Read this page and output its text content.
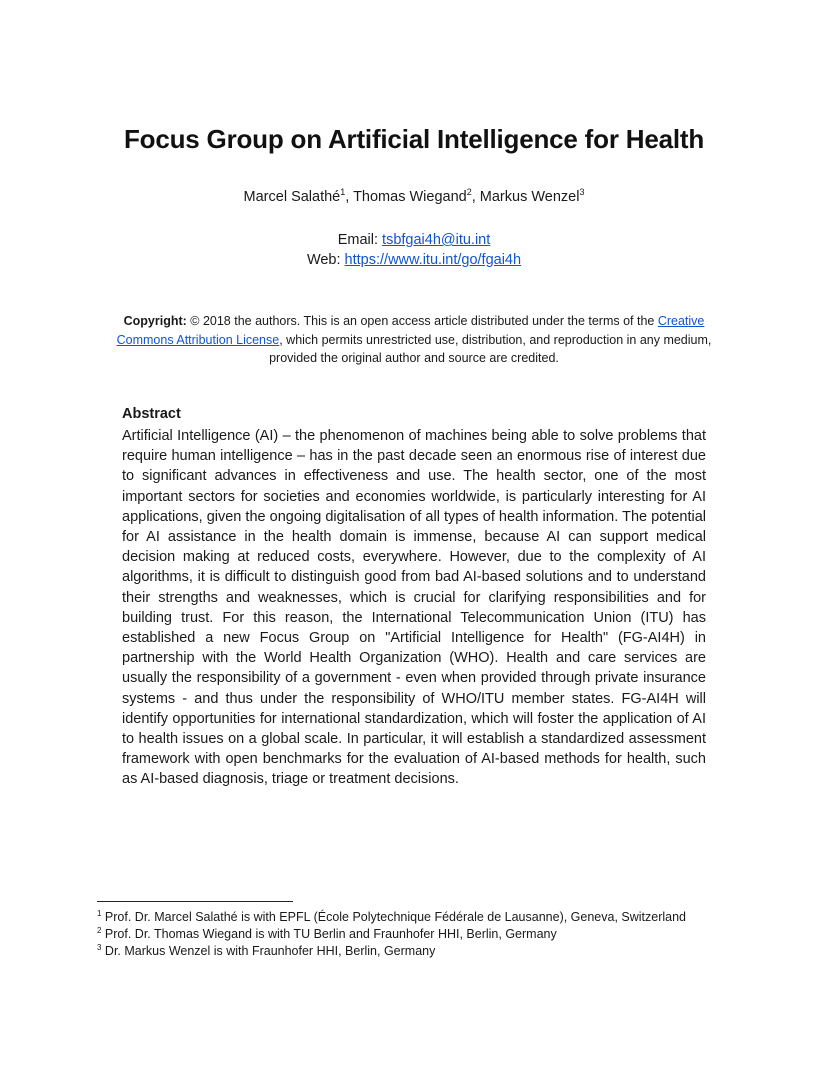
Focus Group on Artificial Intelligence for Health
Marcel Salathé$^1$, Thomas Wiegand$^2$, Markus Wenzel$^3$
Email: tsbfgai4h@itu.int
Web: https://www.itu.int/go/fgai4h
Copyright: © 2018 the authors. This is an open access article distributed under the terms of the Creative Commons Attribution License, which permits unrestricted use, distribution, and reproduction in any medium, provided the original author and source are credited.
Abstract

Artificial Intelligence (AI) – the phenomenon of machines being able to solve problems that require human intelligence – has in the past decade seen an enormous rise of interest due to significant advances in effectiveness and use. The health sector, one of the most important sectors for societies and economies worldwide, is particularly interesting for AI applications, given the ongoing digitalisation of all types of health information. The potential for AI assistance in the health domain is immense, because AI can support medical decision making at reduced costs, everywhere. However, due to the complexity of AI algorithms, it is difficult to distinguish good from bad AI-based solutions and to understand their strengths and weaknesses, which is crucial for clarifying responsibilities and for building trust. For this reason, the International Telecommunication Union (ITU) has established a new Focus Group on "Artificial Intelligence for Health" (FG-AI4H) in partnership with the World Health Organization (WHO). Health and care services are usually the responsibility of a government - even when provided through private insurance systems - and thus under the responsibility of WHO/ITU member states. FG-AI4H will identify opportunities for international standardization, which will foster the application of AI to health issues on a global scale. In particular, it will establish a standardized assessment framework with open benchmarks for the evaluation of AI-based methods for health, such as AI-based diagnosis, triage or treatment decisions.

$^1$ Prof. Dr. Marcel Salathé is with EPFL (École Polytechnique Fédérale de Lausanne), Geneva, Switzerland

$^2$ Prof. Dr. Thomas Wiegand is with TU Berlin and Fraunhofer HHI, Berlin, Germany

$^3$ Dr. Markus Wenzel is with Fraunhofer HHI, Berlin, Germany
